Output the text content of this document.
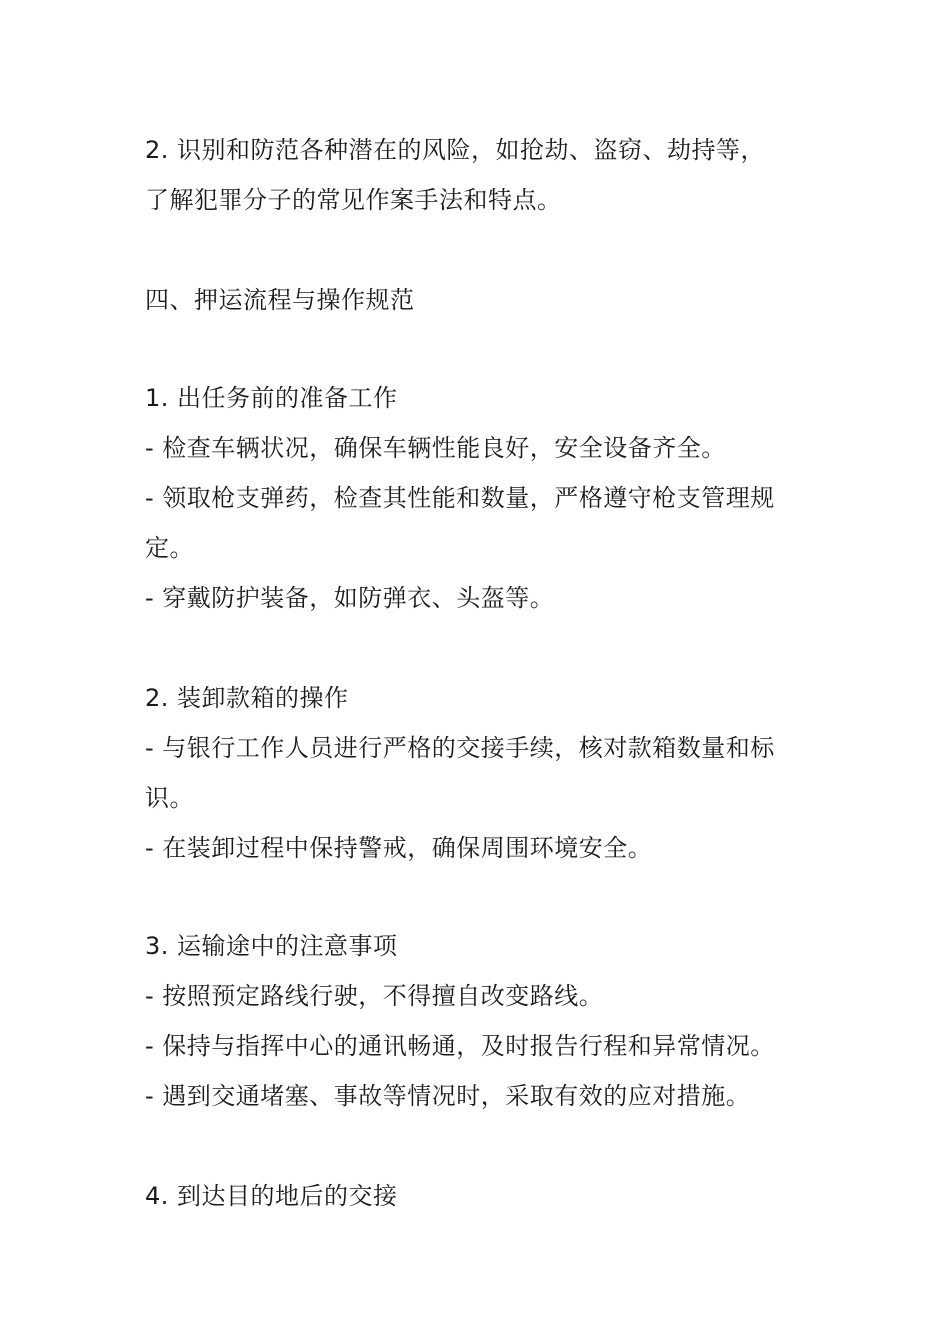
2. 识别和防范各种潜在的风险，如抢劫、盗窃、劫持等，
了解犯罪分子的常见作案手法和特点。
四、押运流程与操作规范
1. 出任务前的准备工作
- 检查车辆状况，确保车辆性能良好，安全设备齐全。
- 领取枪支弹药，检查其性能和数量，严格遵守枪支管理规
定。
- 穿戴防护装备，如防弹衣、头盔等。
2. 装卸款箱的操作
- 与银行工作人员进行严格的交接手续，核对款箱数量和标
识。
- 在装卸过程中保持警戒，确保周围环境安全。
3. 运输途中的注意事项
- 按照预定路线行驶，不得擅自改变路线。
- 保持与指挥中心的通讯畅通，及时报告行程和异常情况。
- 遇到交通堵塞、事故等情况时，采取有效的应对措施。
4. 到达目的地后的交接
